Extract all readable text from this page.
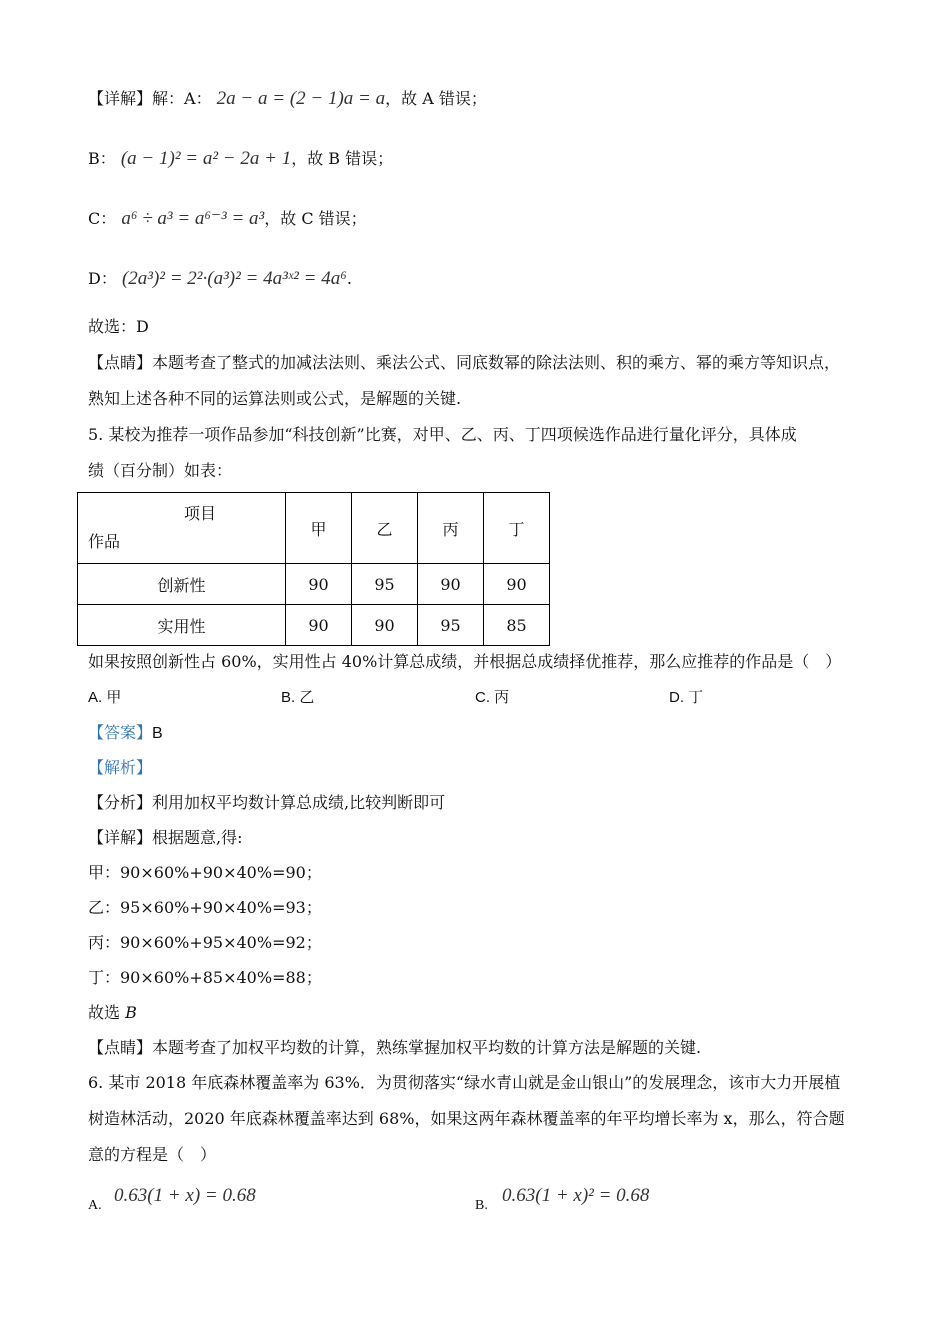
【详解】解：A： 2a − a = (2 − 1)a = a，故 A 错误；
B： (a − 1)² = a² − 2a + 1，故 B 错误；
C： a⁶ ÷ a³ = a⁶⁻³ = a³，故 C 错误；
D： (2a³)² = 2²·(a³)² = 4a³ˣ² = 4a⁶.
故选：D
【点睛】本题考查了整式的加减法法则、乘法公式、同底数幂的除法法则、积的乘方、幂的乘方等知识点，
熟知上述各种不同的运算法则或公式，是解题的关键.
5. 某校为推荐一项作品参加“科技创新”比赛，对甲、乙、丙、丁四项候选作品进行量化评分，具体成
绩（百分制）如表：
项目
作品	甲	乙	丙	丁
创新性	90	95	90	90
实用性	90	90	95	85
如果按照创新性占 60%，实用性占 40%计算总成绩，并根据总成绩择优推荐，那么应推荐的作品是（　）
A. 甲	B. 乙	C. 丙	D. 丁
【答案】B
【解析】
【分析】利用加权平均数计算总成绩,比较判断即可
【详解】根据题意,得:
甲：90×60%+90×40%=90；
乙：95×60%+90×40%=93；
丙：90×60%+95×40%=92；
丁：90×60%+85×40%=88；
故选 B
【点睛】本题考查了加权平均数的计算，熟练掌握加权平均数的计算方法是解题的关键.
6. 某市 2018 年底森林覆盖率为 63%．为贯彻落实“绿水青山就是金山银山”的发展理念，该市大力开展植
树造林活动，2020 年底森林覆盖率达到 68%，如果这两年森林覆盖率的年平均增长率为 x，那么，符合题
意的方程是（　）
A. 0.63(1 + x) = 0.68	B. 0.63(1 + x)² = 0.68
